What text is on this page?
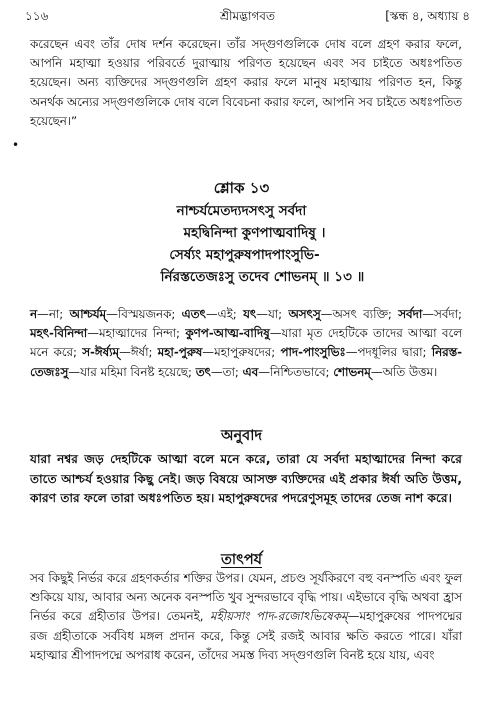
১১৬	শ্রীমদ্ভাগবত	[স্কন্ধ ৪, অধ্যায় ৪
করেছেন এবং তাঁর দোষ দর্শন করেছেন। তাঁর সদ্গুণগুলিকে দোষ বলে গ্রহণ করার ফলে, আপনি মহাত্মা হওয়ার পরিবর্তে দুরাত্মায় পরিণত হয়েছেন এবং সব চাইতে অধঃপতিত হয়েছেন। অন্য ব্যক্তিদের সদ্গুণগুলি গ্রহণ করার ফলে মানুষ মহাত্মায় পরিণত হন, কিন্তু অনর্থক অন্যের সদ্গুণগুলিকে দোষ বলে বিবেচনা করার ফলে, আপনি সব চাইতে অধঃপতিত হয়েছেন।”
•
শ্লোক ১৩
নাশ্চর্যমেতদ্যদসৎসু সর্বদা
মহদ্বিনিন্দা কুণপাত্মবাদিষু ।
সের্ষ্যং মহাপুরুষপাদপাংসুভি-
র্নিরস্ততেজঃসু তদেব শোভনম্ ॥ ১৩ ॥
ন—না; আশ্চর্যম্—বিস্ময়জনক; এতৎ—এই; যৎ—যা; অসৎসু—অসৎ ব্যক্তি; সর্বদা—সর্বদা; মহৎ-বিনিন্দা—মহাত্মাদের নিন্দা; কুণপ-আত্ম-বাদিষু—যারা মৃত দেহটিকে তাদের আত্মা বলে মনে করে; স-ঈর্ষ্যম্—ঈর্ষা; মহা-পুরুষ—মহাপুরুষদের; পাদ-পাংসুভিঃ—পদধূলির দ্বারা; নিরস্ত-তেজঃসু—যার মহিমা বিনষ্ট হয়েছে; তৎ—তা; এব—নিশ্চিতভাবে; শোভনম্—অতি উত্তম।
অনুবাদ
যারা নশ্বর জড় দেহটিকে আত্মা বলে মনে করে, তারা যে সর্বদা মহাত্মাদের নিন্দা করে তাতে আশ্চর্য হওয়ার কিছু নেই। জড় বিষয়ে আসক্ত ব্যক্তিদের এই প্রকার ঈর্ষা অতি উত্তম, কারণ তার ফলে তারা অধঃপতিত হয়। মহাপুরুষদের পদরেণুসমূহ তাদের তেজ নাশ করে।
তাৎপর্য
সব কিছুই নির্ভর করে গ্রহণকর্তার শক্তির উপর। যেমন, প্রচণ্ড সূর্যকিরণে বহু বনস্পতি এবং ফুল শুকিয়ে যায়, আবার অন্য অনেক বনস্পতি খুব সুন্দরভাবে বৃদ্ধি পায়। এইভাবে বৃদ্ধি অথবা হ্রাস নির্ভর করে গ্রহীতার উপর। তেমনই, মহীয়সাং পাদ-রজোঽভিষেকম্—মহাপুরুষের পাদপদ্মের রজ গ্রহীতাকে সর্ববিধ মঙ্গল প্রদান করে, কিন্তু সেই রজই আবার ক্ষতি করতে পারে। যাঁরা মহাত্মার শ্রীপাদপদ্মে অপরাধ করেন, তাঁদের সমস্ত দিব্য সদ্গুণগুলি বিনষ্ট হয়ে যায়, এবং
